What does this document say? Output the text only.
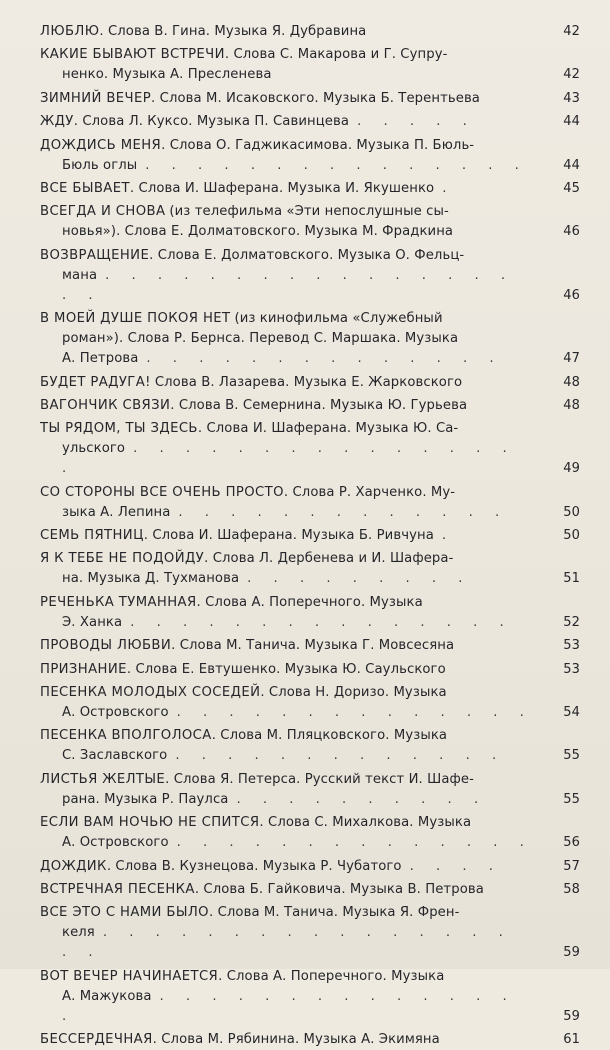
ЛЮБЛЮ. Слова В. Гина. Музыка Я. Дубравина	42
КАКИЕ БЫВАЮТ ВСТРЕЧИ. Слова С. Макарова и Г. Супру-
ненко. Музыка А. Пресленева	42
ЗИМНИЙ ВЕЧЕР. Слова М. Исаковского. Музыка Б. Терентьева	43
ЖДУ. Слова Л. Куксо. Музыка П. Савинцева . . . . .	44
ДОЖДИСЬ МЕНЯ. Слова О. Гаджикасимова. Музыка П. Бюль-
Бюль оглы . . . . . . . . . . . . . . .	44
ВСЕ БЫВАЕТ. Слова И. Шаферана. Музыка И. Якушенко .	45
ВСЕГДА И СНОВА (из телефильма «Эти непослушные сы-
новья»). Слова Е. Долматовского. Музыка М. Фрадкина	46
ВОЗВРАЩЕНИЕ. Слова Е. Долматовского. Музыка О. Фельц-
мана . . . . . . . . . . . . . . . . . .	46
В МОЕЙ ДУШЕ ПОКОЯ НЕТ (из кинофильма «Служебный
роман»). Слова Р. Бернса. Перевод С. Маршака. Музыка
А. Петрова . . . . . . . . . . . . . .	47
БУДЕТ РАДУГА! Слова В. Лазарева. Музыка Е. Жарковского	48
ВАГОНЧИК СВЯЗИ. Слова В. Семернина. Музыка Ю. Гурьева	48
ТЫ РЯДОМ, ТЫ ЗДЕСЬ. Слова И. Шаферана. Музыка Ю. Са-
ульского . . . . . . . . . . . . . . . .	49
СО СТОРОНЫ ВСЕ ОЧЕНЬ ПРОСТО. Слова Р. Харченко. Му-
зыка А. Лепина . . . . . . . . . . . . .	50
СЕМЬ ПЯТНИЦ. Слова И. Шаферана. Музыка Б. Ривчуна .	50
Я К ТЕБЕ НЕ ПОДОЙДУ. Слова Л. Дербенева и И. Шафера-
на. Музыка Д. Тухманова . . . . . . . . .	51
РЕЧЕНЬКА ТУМАННАЯ. Слова А. Поперечного. Музыка
Э. Ханка . . . . . . . . . . . . . . .	52
ПРОВОДЫ ЛЮБВИ. Слова М. Танича. Музыка Г. Мовсесяна	53
ПРИЗНАНИЕ. Слова Е. Евтушенко. Музыка Ю. Саульского	53
ПЕСЕНКА МОЛОДЫХ СОСЕДЕЙ. Слова Н. Доризо. Музыка
А. Островского . . . . . . . . . . . . . .	54
ПЕСЕНКА ВПОЛГОЛОСА. Слова М. Пляцковского. Музыка
С. Заславского . . . . . . . . . . . . .	55
ЛИСТЬЯ ЖЕЛТЫЕ. Слова Я. Петерса. Русский текст И. Шафе-
рана. Музыка Р. Паулса . . . . . . . . . .	55
ЕСЛИ ВАМ НОЧЬЮ НЕ СПИТСЯ. Слова С. Михалкова. Музыка
А. Островского . . . . . . . . . . . . . .	56
ДОЖДИК. Слова В. Кузнецова. Музыка Р. Чубатого . . . .	57
ВСТРЕЧНАЯ ПЕСЕНКА. Слова Б. Гайковича. Музыка В. Петрова	58
ВСЕ ЭТО С НАМИ БЫЛО. Слова М. Танича. Музыка Я. Френ-
келя . . . . . . . . . . . . . . . . . .	59
ВОТ ВЕЧЕР НАЧИНАЕТСЯ. Слова А. Поперечного. Музыка
А. Мажукова . . . . . . . . . . . . . . .	59
БЕССЕРДЕЧНАЯ. Слова М. Рябинина. Музыка А. Экимяна	61
